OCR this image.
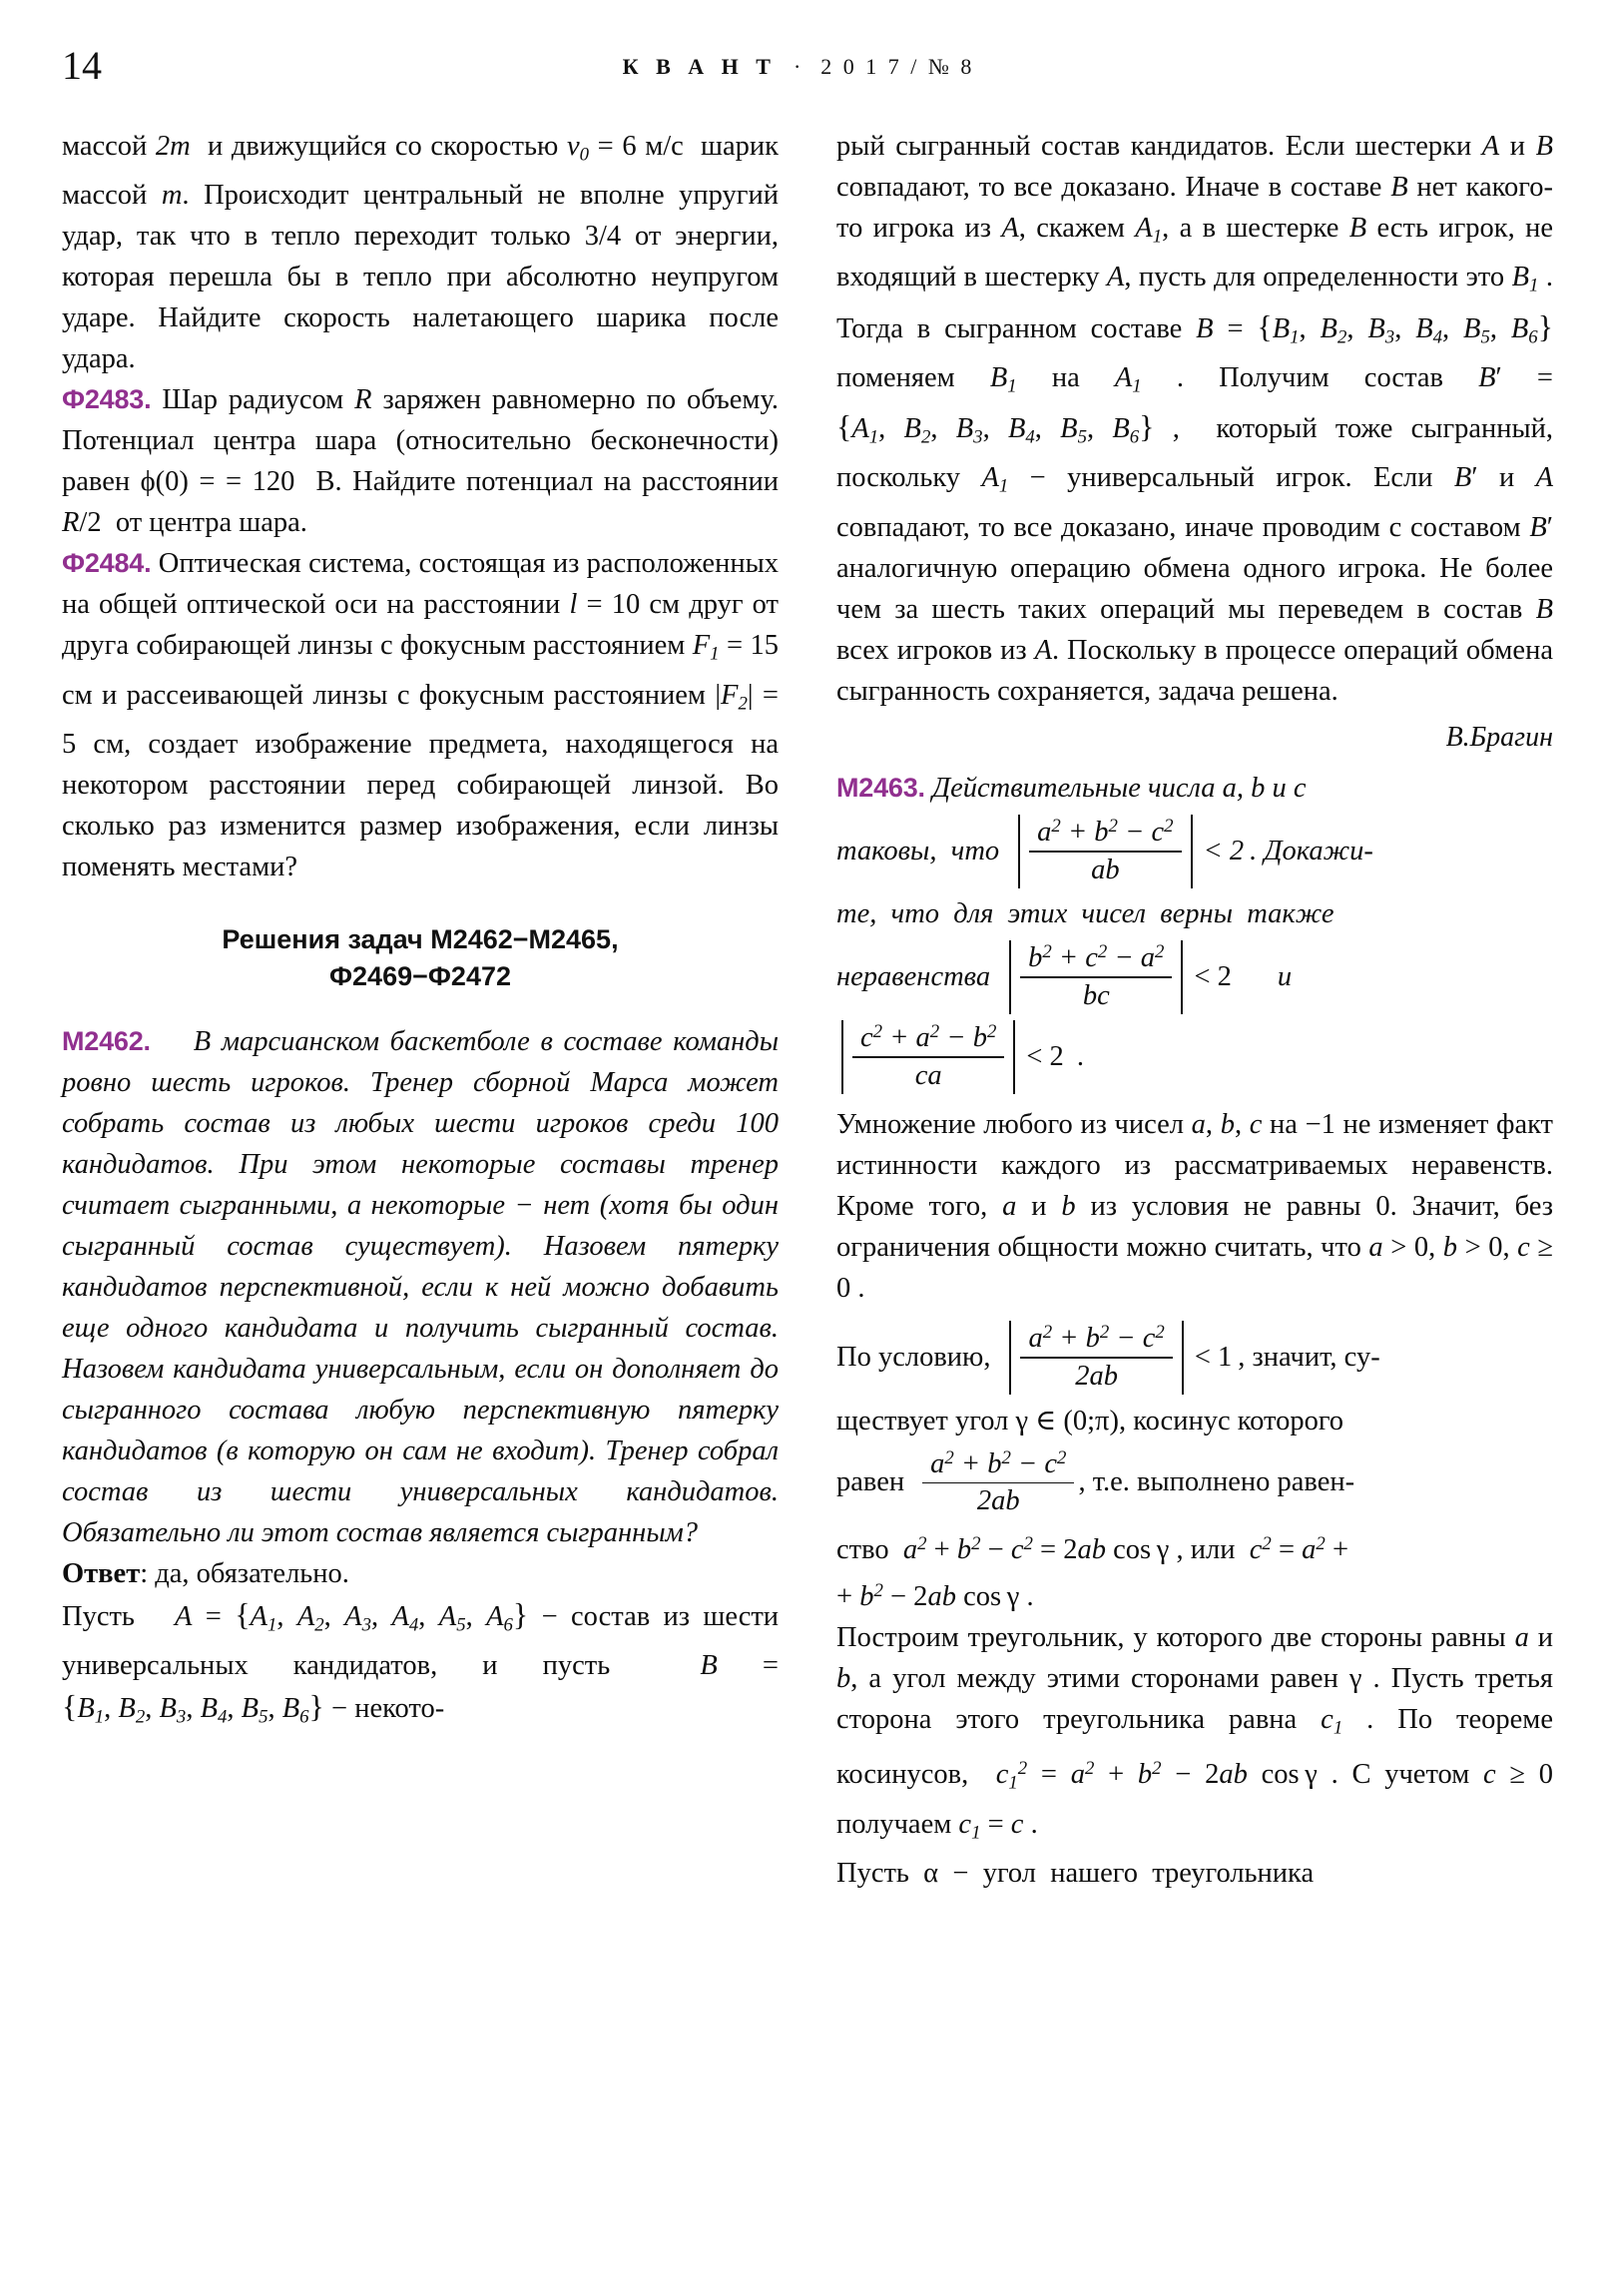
14	К В А Н Т · 2 0 1 7 / № 8

массой 2m  и движущийся со скоростью $v_0 = 6$ м/с  шарик массой m. Происходит центральный не вполне упругий удар, так что в тепло переходит только 3/4 от энергии, которая перешла бы в тепло при абсолютно неупругом ударе. Найдите скорость налетающего шарика после удара.

Ф2483. Шар радиусом R заряжен равномерно по объему. Потенциал центра шара (относительно бесконечности) равен ϕ(0) = = 120  В. Найдите потенциал на расстоянии R/2  от центра шара.

Ф2484. Оптическая система, состоящая из расположенных на общей оптической оси на расстоянии l = 10 см друг от друга собирающей линзы с фокусным расстоянием $F_1 = 15$ см и рассеивающей линзы с фокусным расстоянием $|F_2| = 5$ см, создает изображение предмета, находящегося на некотором расстоянии перед собирающей линзой. Во сколько раз изменится размер изображения, если линзы поменять местами?

Решения задач М2462−М2465,
Ф2469−Ф2472

М2462.    В марсианском баскетболе в составе команды ровно шесть игроков. Тренер сборной Марса может собрать состав из любых шести игроков среди 100 кандидатов. При этом некоторые составы тренер считает сыгранными, а некоторые − нет (хотя бы один сыгранный состав существует). Назовем пятерку кандидатов перспективной, если к ней можно добавить еще одного кандидата и получить сыгранный состав. Назовем кандидата универсальным, если он дополняет до сыгранного состава любую перспективную пятерку кандидатов (в которую он сам не входит). Тренер собрал состав из шести универсальных кандидатов. Обязательно ли этот состав является сыгранным?

Ответ: да, обязательно.

Пусть   $A = \{A_1$, $A_2$, $A_3$, $A_4$, $A_5$, $A_6$} − состав из шести универсальных кандидатов, и пусть  $B = \{B_1$, $B_2$, $B_3$, $B_4$, $B_5$, $B_6$} − некото-

рый сыгранный состав кандидатов. Если шестерки A и B совпадают, то все доказано. Иначе в составе B нет какого-то игрока из A, скажем $A_1$, а в шестерке B есть игрок, не входящий в шестерку A, пусть для определенности это $B_1$ . Тогда в сыгранном составе $B = \{B_1$, $B_2$, $B_3$, $B_4$, $B_5$, $B_6$} поменяем $B_1$ на $A_1$ . Получим состав $B' = \{A_1$, $B_2$, $B_3$, $B_4$, $B_5$, $B_6$} ,  который тоже сыгранный, поскольку $A_1$ − универсальный игрок. Если B′ и A совпадают, то все доказано, иначе проводим с составом B′ аналогичную операцию обмена одного игрока. Не более чем за шесть таких операций мы переведем в состав B всех игроков из A. Поскольку в процессе операций обмена сыгранность сохраняется, задача решена.

В.Брагин

М2463. Действительные числа a, b и c

таковы,  что $\frac{a^2 + b^2 - c^2}{ab} < 2$ . Докажи-
те,  что  для  этих  чисел  верны  также
неравенства $\frac{b^2 + c^2 - a^2}{bc} < 2$ и
$\frac{c^2 + a^2 - b^2}{ca} < 2$ .

Умножение любого из чисел a, b, c на −1 не изменяет факт истинности каждого из рассматриваемых неравенств. Кроме того, a и b из условия не равны 0. Значит, без ограничения общности можно считать, что a > 0, b > 0, c ≥ 0 .

По условию, $\frac{a^2 + b^2 - c^2}{2ab} < 1$ , значит, су-

ществует угол γ ∈ (0;π), косинус которого

равен $\frac{a^2 + b^2 - c^2}{2ab}$ , т.е. выполнено равен-

ство  $a^2 + b^2 - c^2 = 2ab$ cos γ , или  $c^2 = a^2$ +

+ $b^2 - 2ab$ cos γ .

Построим треугольник, у которого две стороны равны a и b, а угол между этими сторонами равен γ . Пусть третья сторона этого треугольника равна $c_1$ . По теореме косинусов,  $c_1^2 = a^2 + b^2 - 2ab$ cos γ . С учетом c ≥ 0 получаем $c_1 = c$ .

Пусть  α  −  угол  нашего  треугольника
